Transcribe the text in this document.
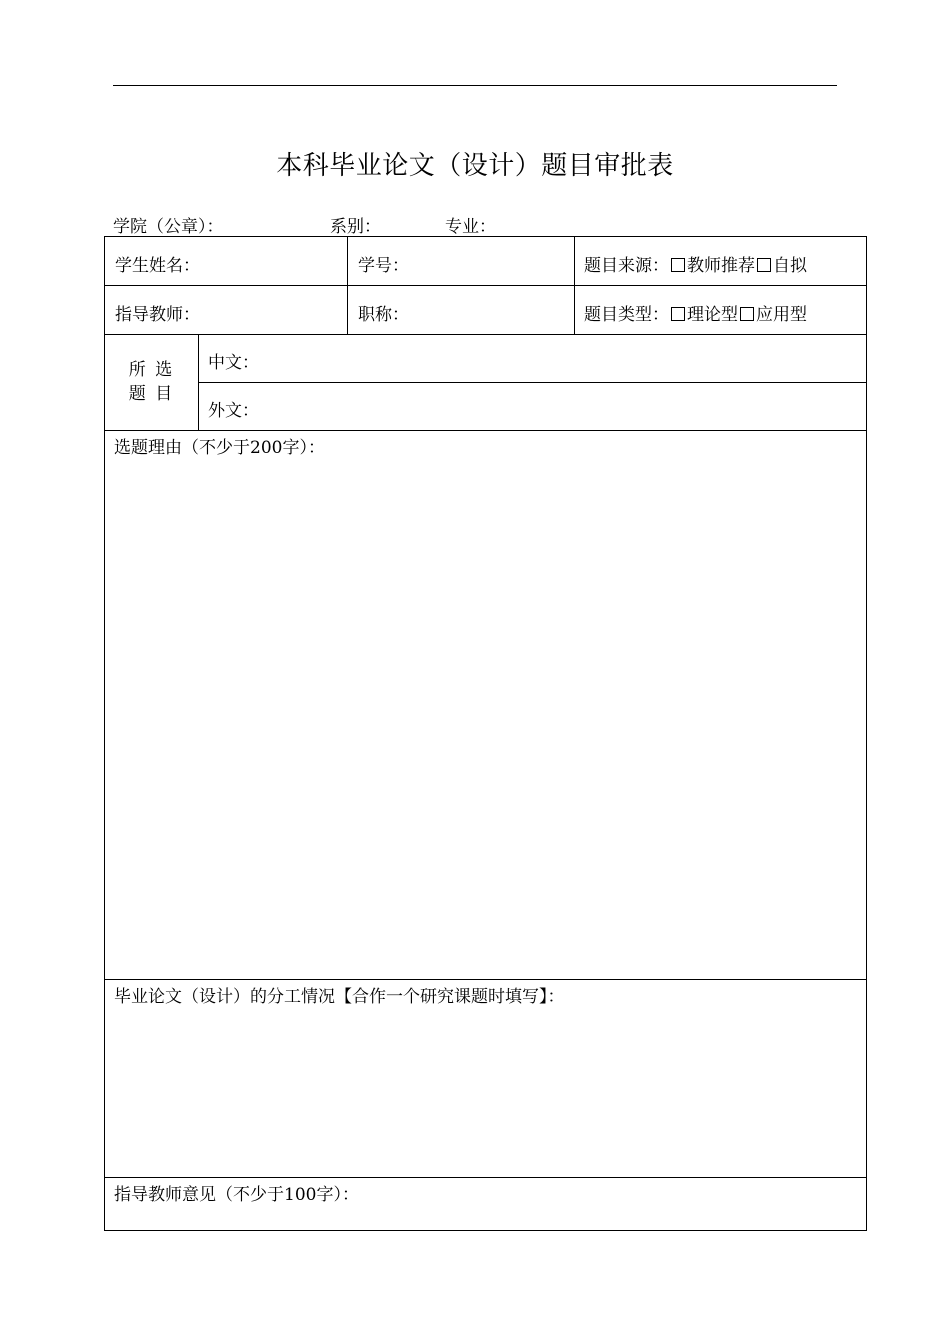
本科毕业论文（设计）题目审批表
学院（公章）：	系别：	专业：
学生姓名：	学号：	题目来源： 教师推荐 自拟
指导教师：	职称：	题目类型： 理论型 应用型
所 选
题 目
中文：
外文：
选题理由（不少于200字）：
毕业论文（设计）的分工情况【合作一个研究课题时填写】：
指导教师意见（不少于100字）：
